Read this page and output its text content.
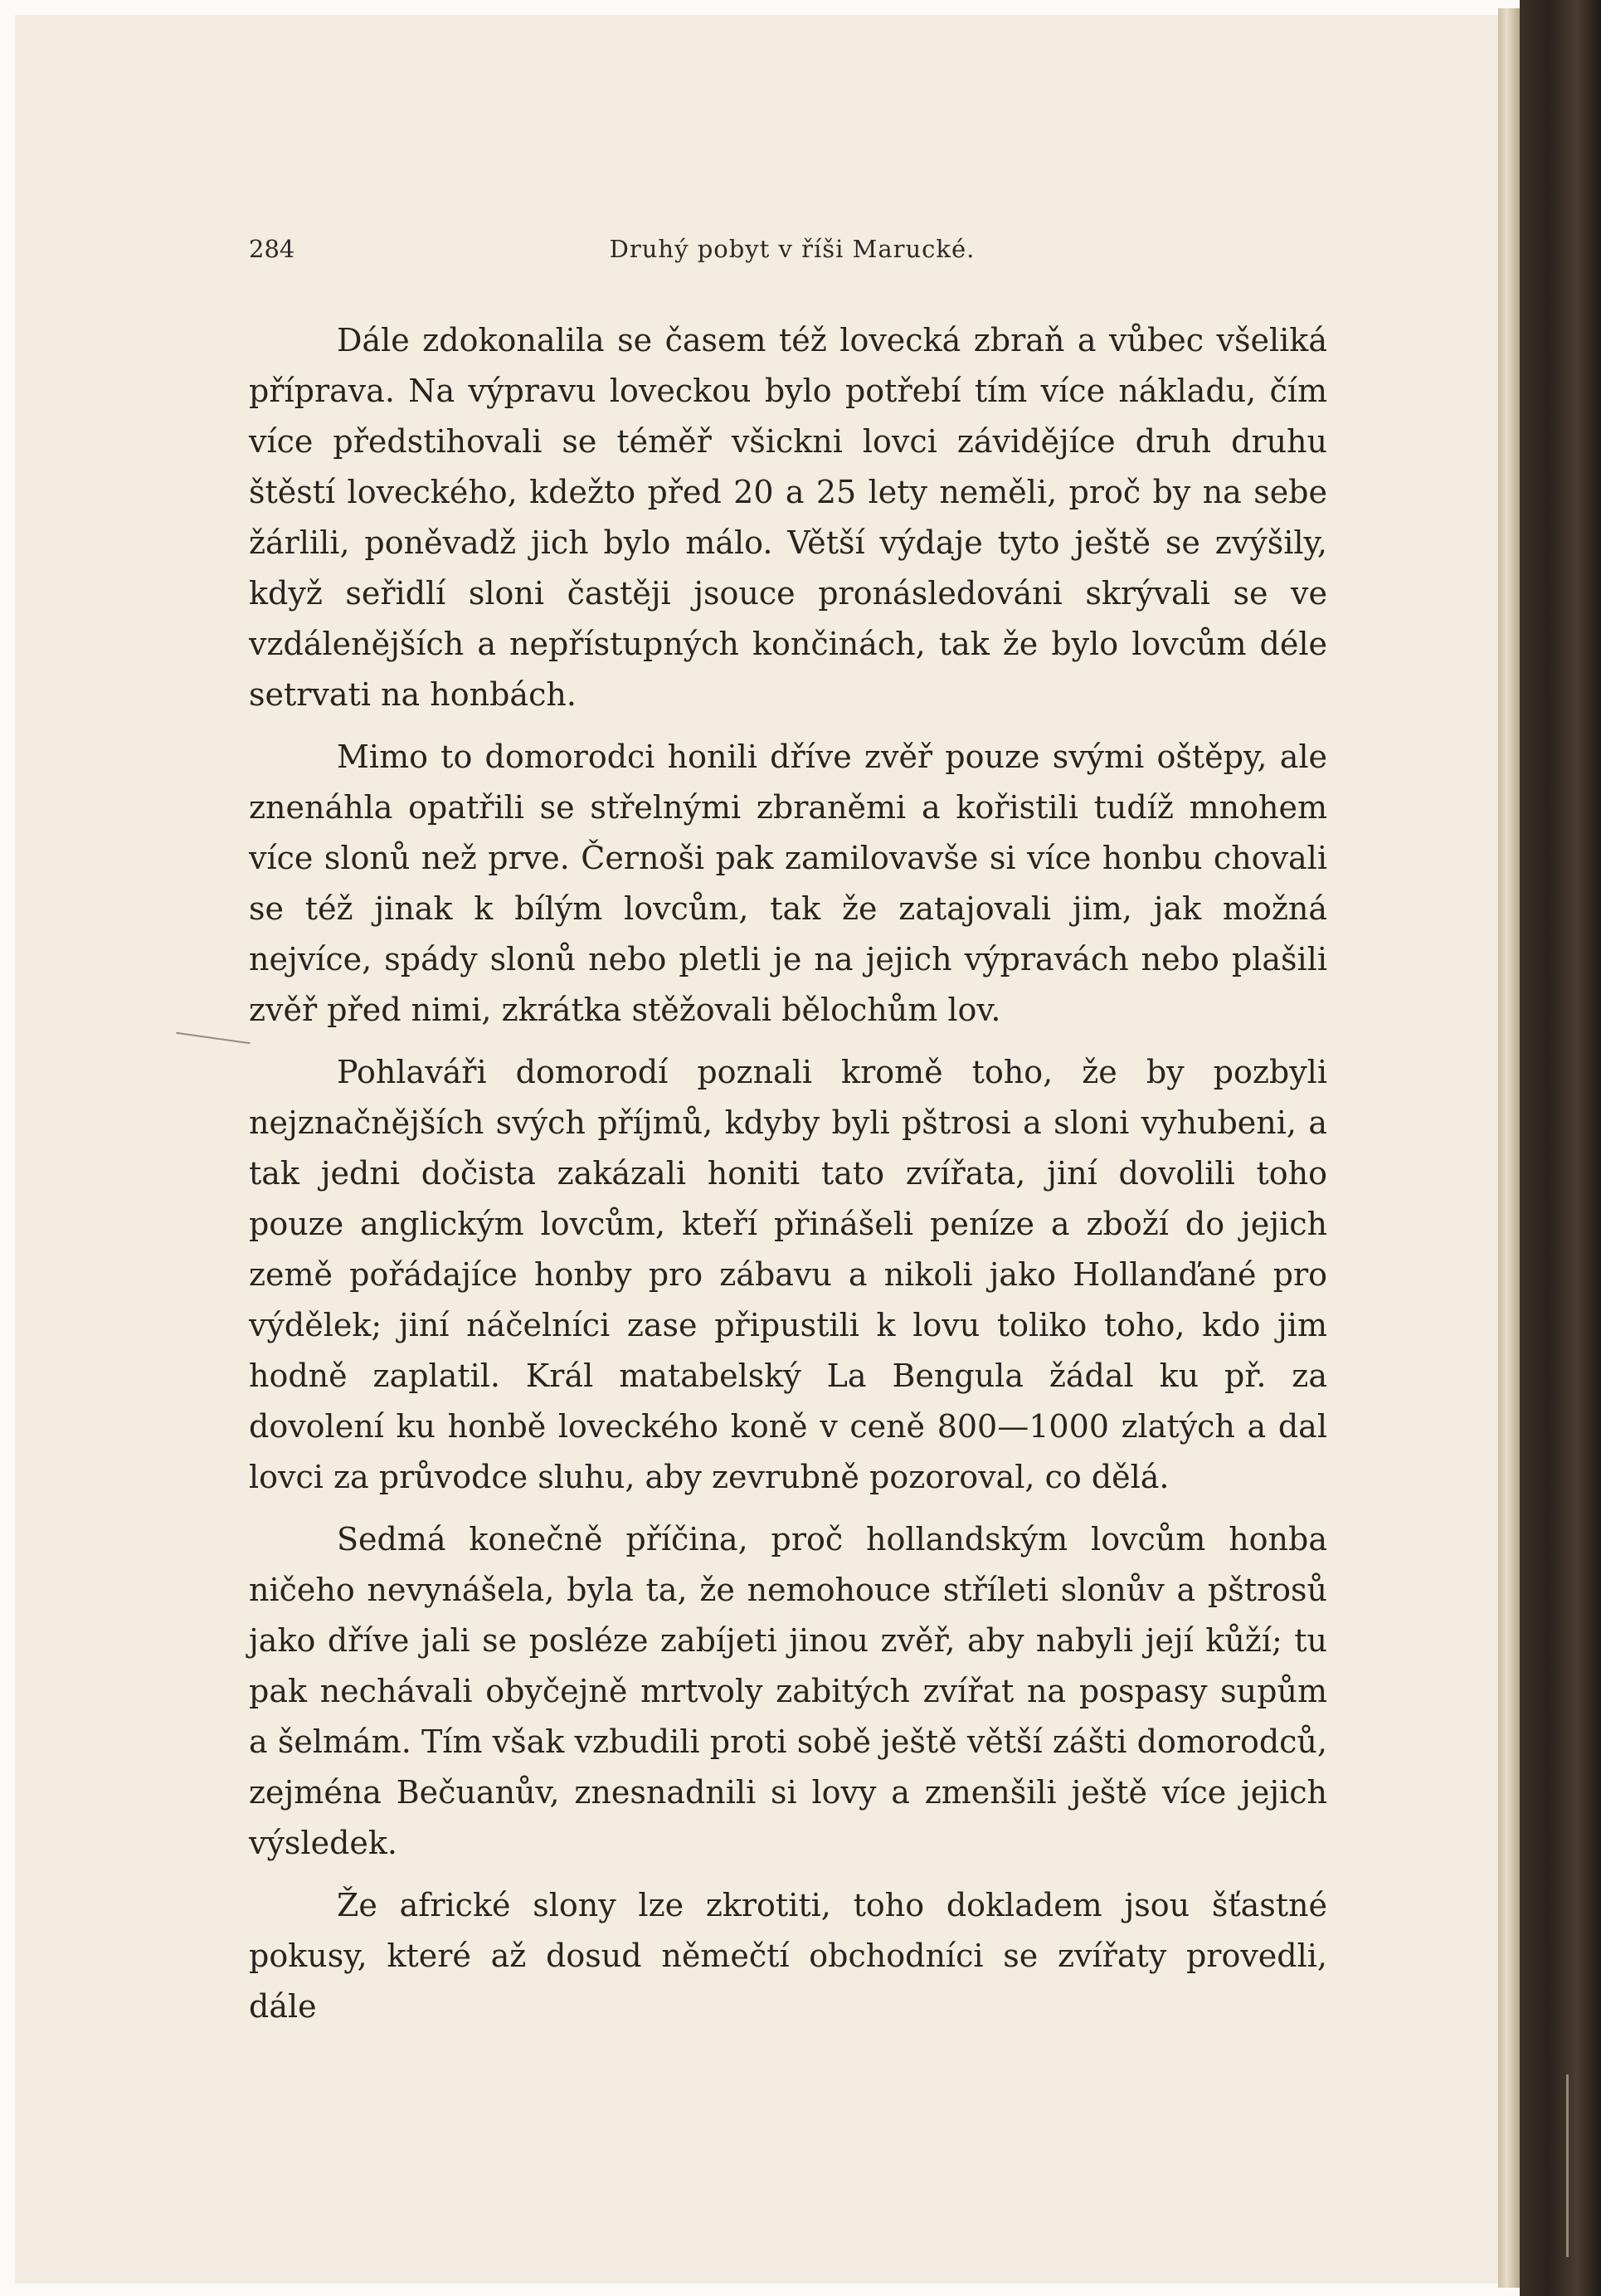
284	Druhý pobyt v říši Marucké.

Dále zdokonalila se časem též lovecká zbraň a vůbec všeliká příprava. Na výpravu loveckou bylo potřebí tím více nákladu, čím více předstihovali se téměř všickni lovci závidějíce druh druhu štěstí loveckého, kdežto před 20 a 25 lety neměli, proč by na sebe žárlili, poněvadž jich bylo málo. Větší výdaje tyto ještě se zvýšily, když seřidlí sloni častěji jsouce pronásledováni skrývali se ve vzdálenějších a nepřístupných končinách, tak že bylo lovcům déle setrvati na honbách.

Mimo to domorodci honili dříve zvěř pouze svými oštěpy, ale znenáhla opatřili se střelnými zbraněmi a kořistili tudíž mnohem více slonů než prve. Černoši pak zamilovavše si více honbu chovali se též jinak k bílým lovcům, tak že zatajovali jim, jak možná nejvíce, spády slonů nebo pletli je na jejich výpravách nebo plašili zvěř před nimi, zkrátka stěžovali bělochům lov.

Pohlaváři domorodí poznali kromě toho, že by pozbyli nejznačnějších svých příjmů, kdyby byli pštrosi a sloni vyhubeni, a tak jedni dočista zakázali honiti tato zvířata, jiní dovolili toho pouze anglickým lovcům, kteří přinášeli peníze a zboží do jejich země pořádajíce honby pro zábavu a nikoli jako Hollanďané pro výdělek; jiní náčelníci zase připustili k lovu toliko toho, kdo jim hodně zaplatil. Král matabelský La Bengula žádal ku př. za dovolení ku honbě loveckého koně v ceně 800—1000 zlatých a dal lovci za průvodce sluhu, aby zevrubně pozoroval, co dělá.

Sedmá konečně příčina, proč hollandským lovcům honba ničeho nevynášela, byla ta, že nemohouce stříleti slonův a pštrosů jako dříve jali se posléze zabíjeti jinou zvěř, aby nabyli její kůží; tu pak nechávali obyčejně mrtvoly zabitých zvířat na pospasy supům a šelmám. Tím však vzbudili proti sobě ještě větší zášti domorodců, zejména Bečuanův, znesnadnili si lovy a zmenšili ještě více jejich výsledek.

Že africké slony lze zkrotiti, toho dokladem jsou šťastné pokusy, které až dosud němečtí obchodníci se zvířaty provedli, dále
